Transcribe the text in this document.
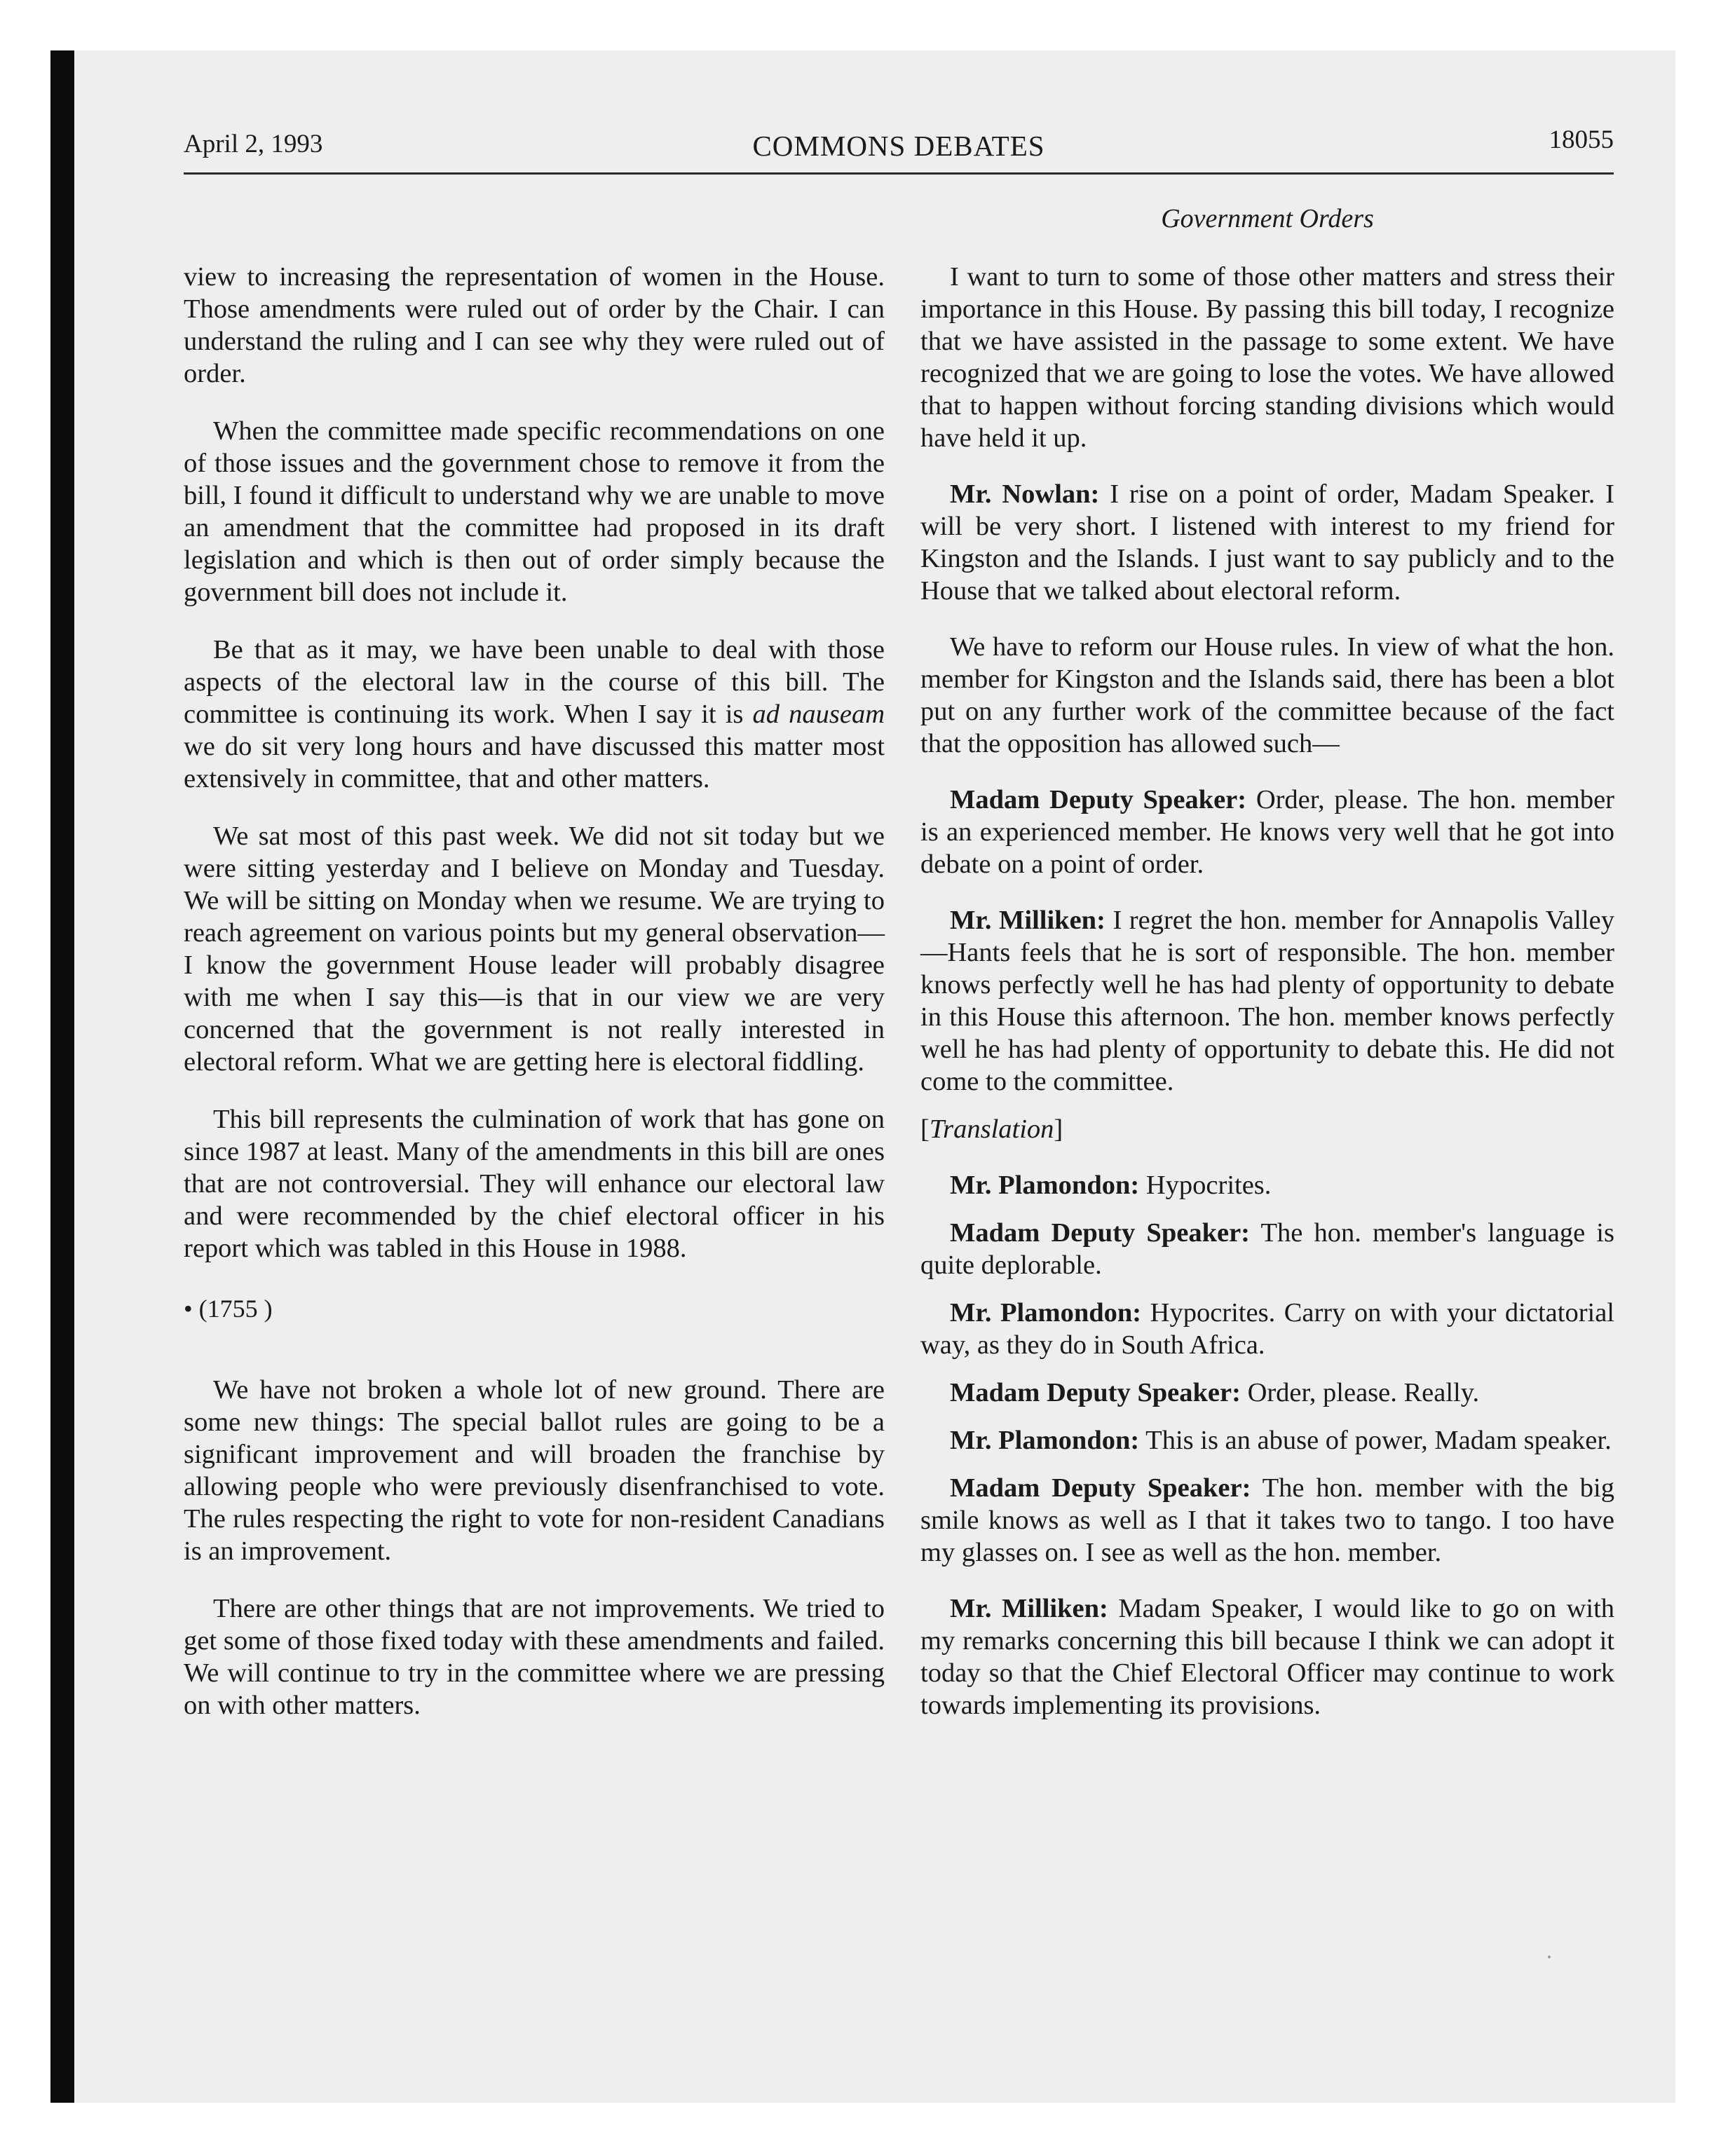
April 2, 1993	COMMONS DEBATES	18055
Government Orders

view to increasing the representation of women in the House. Those amendments were ruled out of order by the Chair. I can understand the ruling and I can see why they were ruled out of order.

When the committee made specific recommendations on one of those issues and the government chose to remove it from the bill, I found it difficult to understand why we are unable to move an amendment that the committee had proposed in its draft legislation and which is then out of order simply because the government bill does not include it.

Be that as it may, we have been unable to deal with those aspects of the electoral law in the course of this bill. The committee is continuing its work. When I say it is ad nauseam we do sit very long hours and have discussed this matter most extensively in committee, that and other matters.

We sat most of this past week. We did not sit today but we were sitting yesterday and I believe on Monday and Tuesday. We will be sitting on Monday when we resume. We are trying to reach agreement on various points but my general observation—I know the government House leader will probably disagree with me when I say this—is that in our view we are very concerned that the government is not really interested in electoral reform. What we are getting here is electoral fiddling.

This bill represents the culmination of work that has gone on since 1987 at least. Many of the amendments in this bill are ones that are not controversial. They will enhance our electoral law and were recommended by the chief electoral officer in his report which was tabled in this House in 1988.

• (1755 )

We have not broken a whole lot of new ground. There are some new things: The special ballot rules are going to be a significant improvement and will broaden the franchise by allowing people who were previously disenfranchised to vote. The rules respecting the right to vote for non-resident Canadians is an improvement.

There are other things that are not improvements. We tried to get some of those fixed today with these amendments and failed. We will continue to try in the committee where we are pressing on with other matters.

I want to turn to some of those other matters and stress their importance in this House. By passing this bill today, I recognize that we have assisted in the passage to some extent. We have recognized that we are going to lose the votes. We have allowed that to happen without forcing standing divisions which would have held it up.

Mr. Nowlan: I rise on a point of order, Madam Speaker. I will be very short. I listened with interest to my friend for Kingston and the Islands. I just want to say publicly and to the House that we talked about electoral reform.

We have to reform our House rules. In view of what the hon. member for Kingston and the Islands said, there has been a blot put on any further work of the committee because of the fact that the opposition has allowed such—

Madam Deputy Speaker: Order, please. The hon. member is an experienced member. He knows very well that he got into debate on a point of order.

Mr. Milliken: I regret the hon. member for Annapolis Valley—Hants feels that he is sort of responsible. The hon. member knows perfectly well he has had plenty of opportunity to debate in this House this afternoon. The hon. member knows perfectly well he has had plenty of opportunity to debate this. He did not come to the committee.

[Translation]

Mr. Plamondon: Hypocrites.

Madam Deputy Speaker: The hon. member's language is quite deplorable.

Mr. Plamondon: Hypocrites. Carry on with your dictatorial way, as they do in South Africa.

Madam Deputy Speaker: Order, please. Really.

Mr. Plamondon: This is an abuse of power, Madam speaker.

Madam Deputy Speaker: The hon. member with the big smile knows as well as I that it takes two to tango. I too have my glasses on. I see as well as the hon. member.

Mr. Milliken: Madam Speaker, I would like to go on with my remarks concerning this bill because I think we can adopt it today so that the Chief Electoral Officer may continue to work towards implementing its provisions.
